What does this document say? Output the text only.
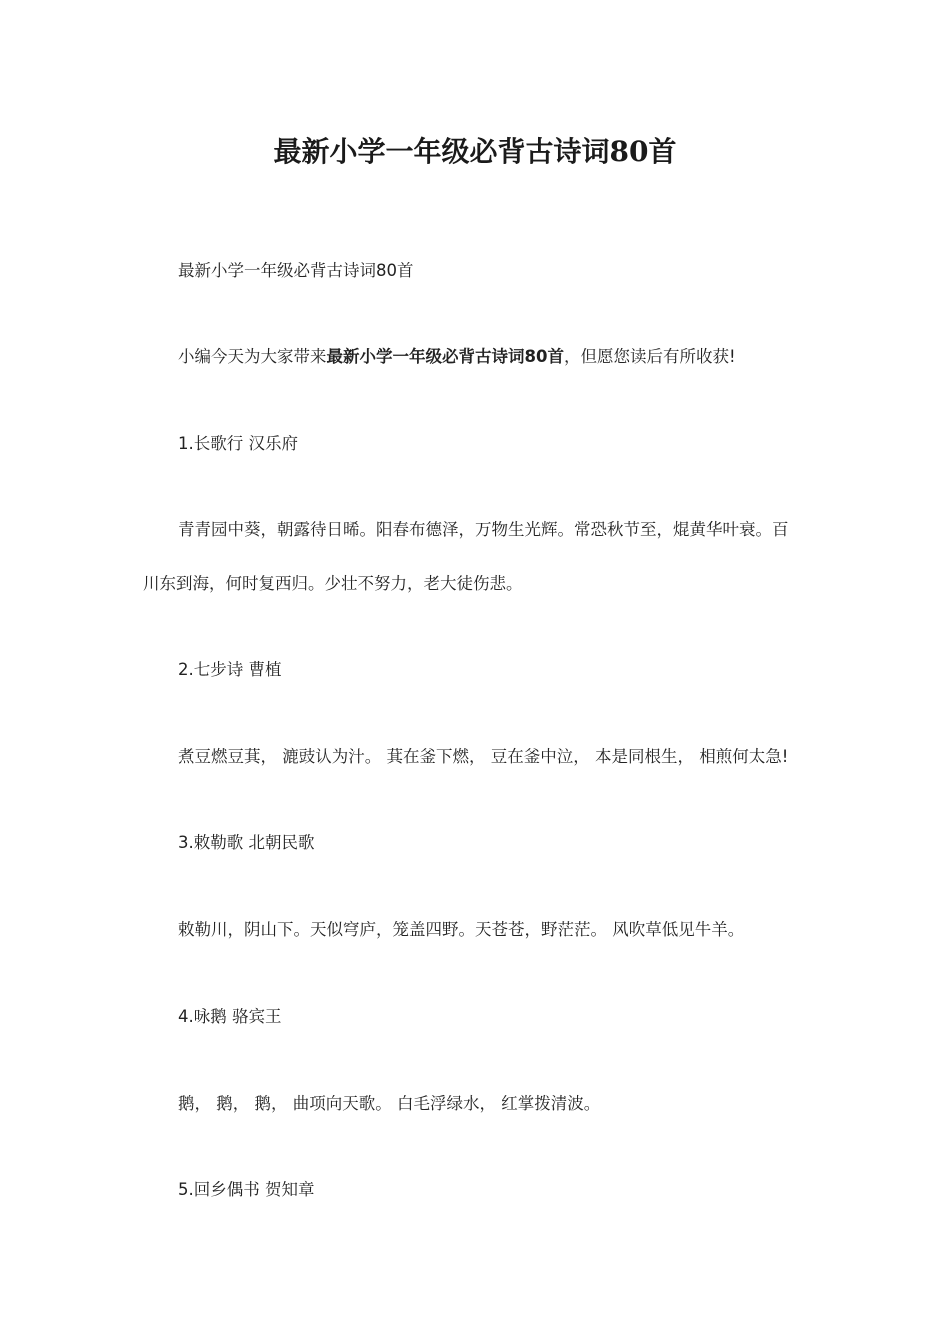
最新小学一年级必背古诗词80首
最新小学一年级必背古诗词80首
小编今天为大家带来最新小学一年级必背古诗词80首，但愿您读后有所收获!
1.长歌行 汉乐府
青青园中葵，朝露待日晞。阳春布德泽，万物生光辉。常恐秋节至，焜黄华叶衰。百川东到海，何时复西归。少壮不努力，老大徒伤悲。
2.七步诗 曹植
煮豆燃豆萁， 漉豉认为汁。 萁在釜下燃， 豆在釜中泣， 本是同根生， 相煎何太急!
3.敕勒歌 北朝民歌
敕勒川，阴山下。天似穹庐，笼盖四野。天苍苍，野茫茫。 风吹草低见牛羊。
4.咏鹅 骆宾王
鹅， 鹅， 鹅， 曲项向天歌。 白毛浮绿水， 红掌拨清波。
5.回乡偶书 贺知章
